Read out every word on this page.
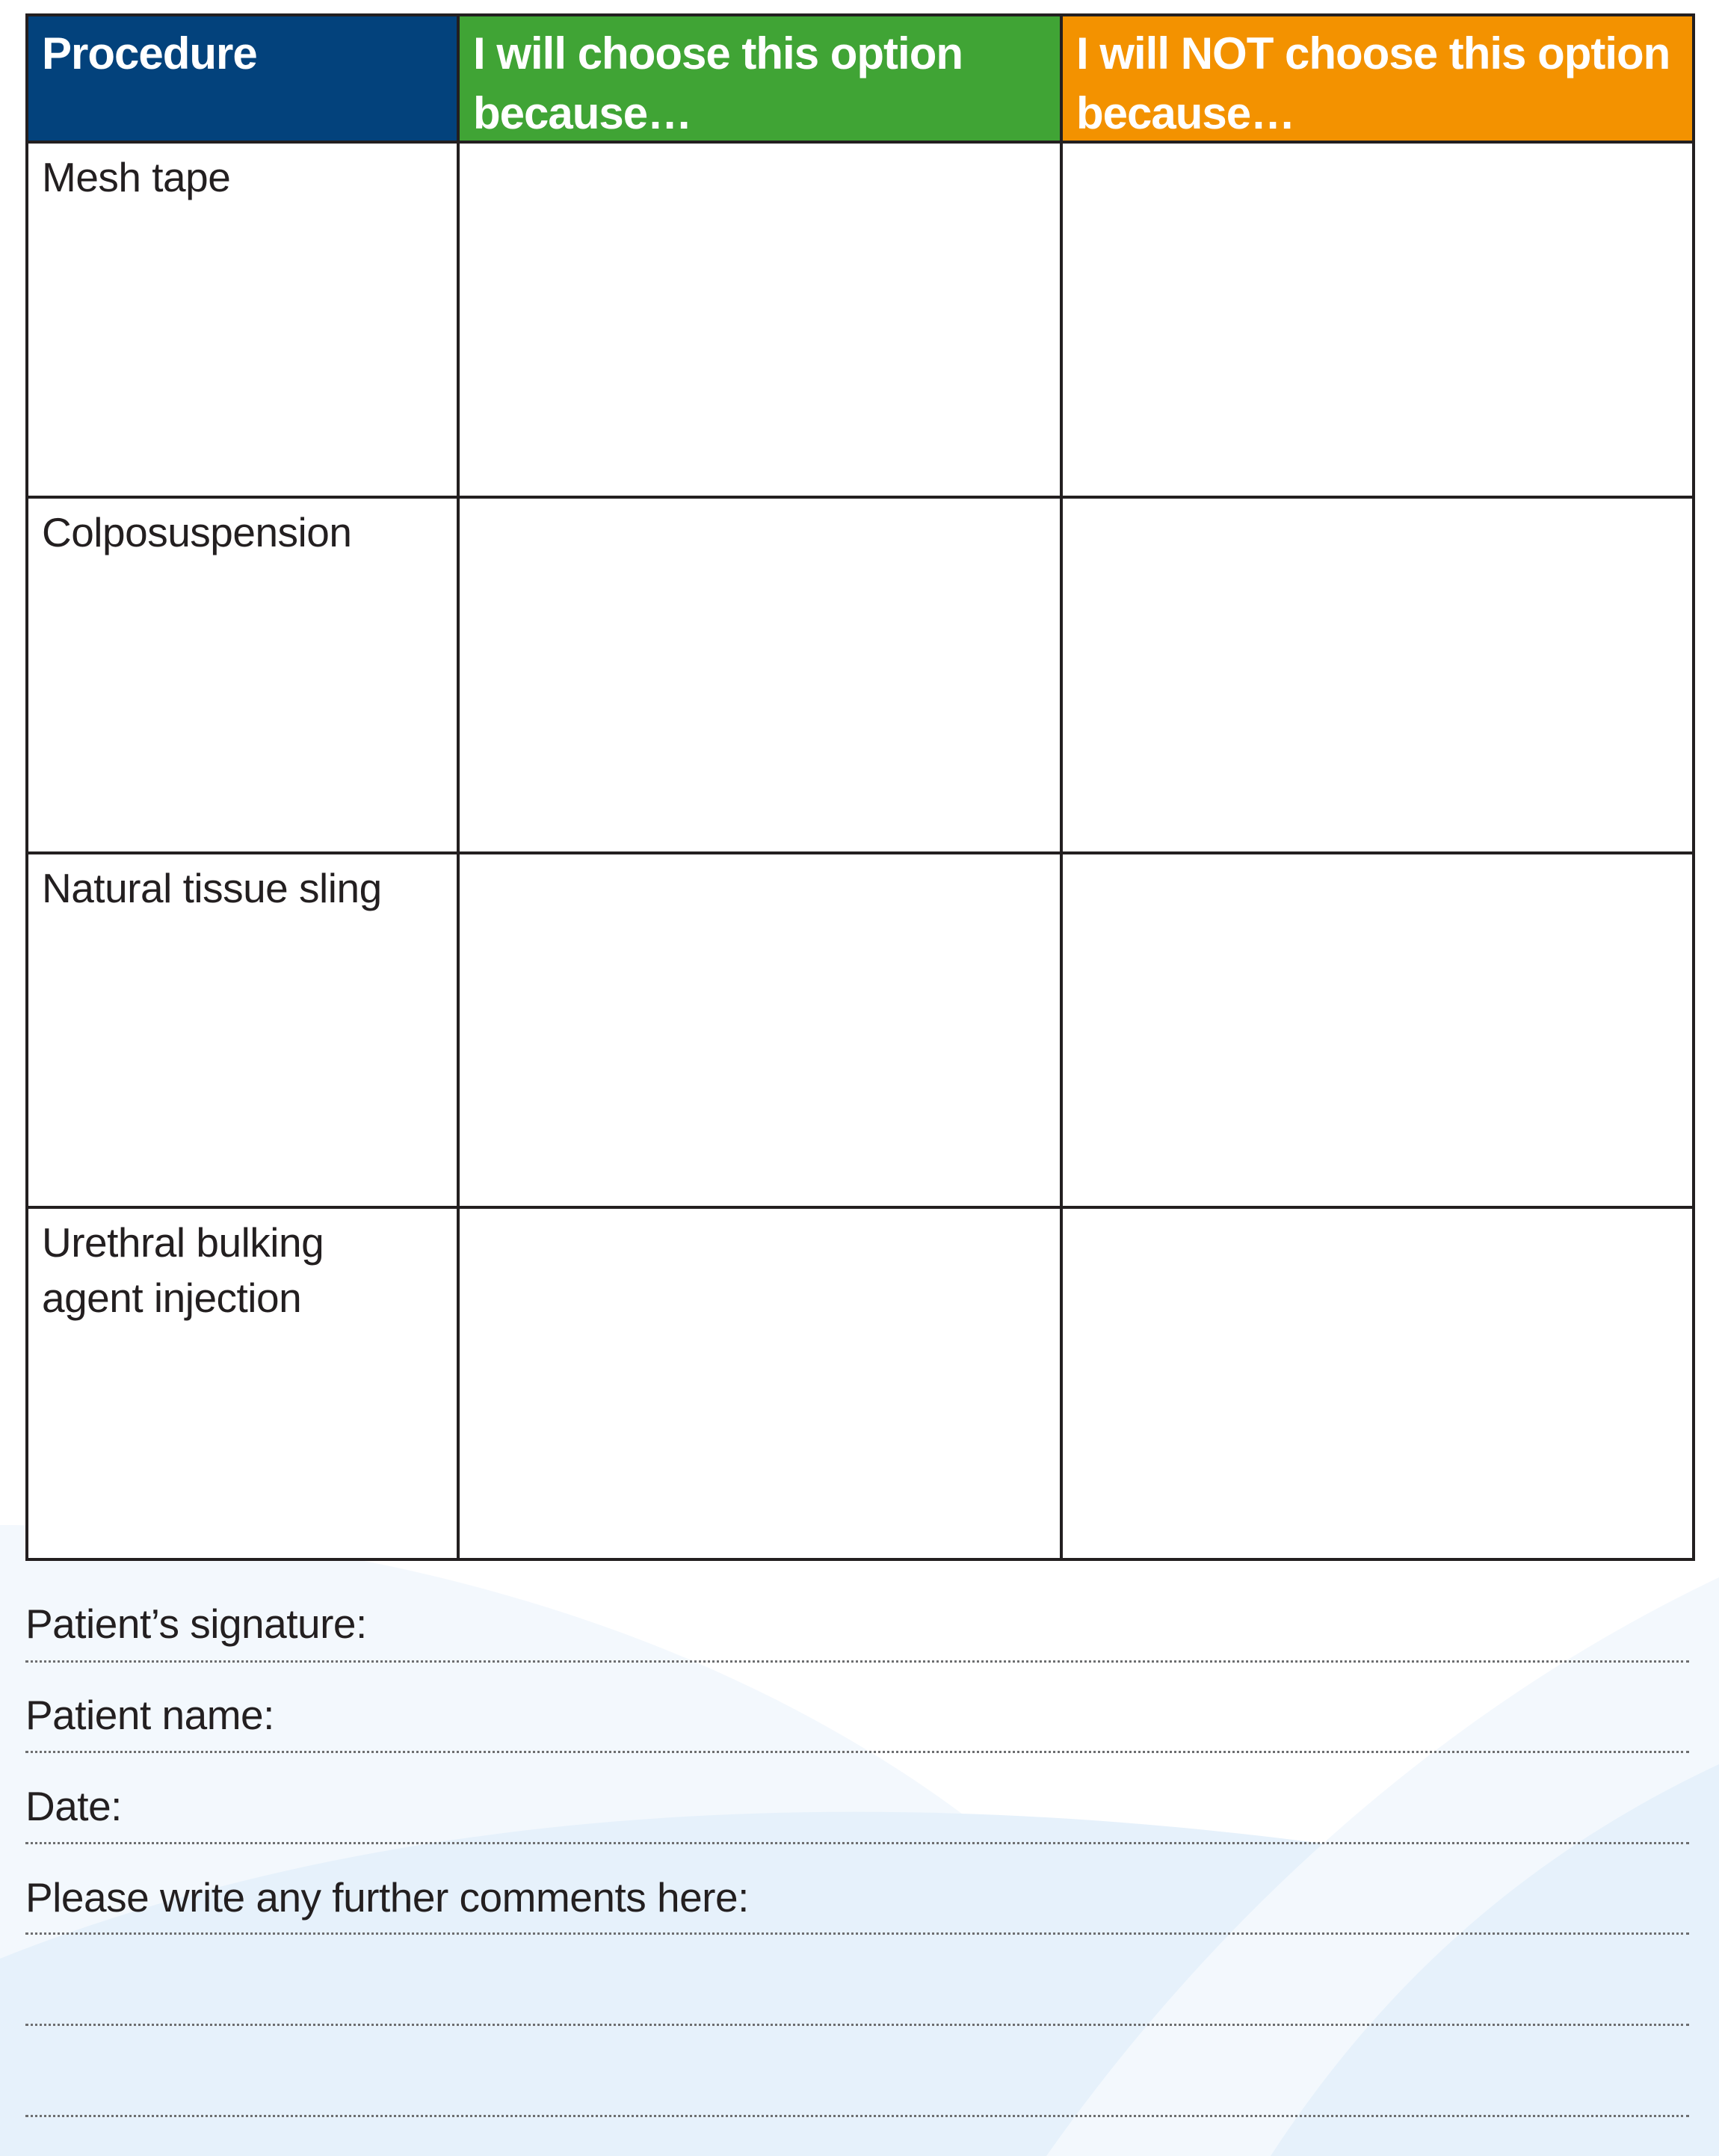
Procedure	I will choose this option because…
I will NOT choose this option because…
Mesh tape
Colposuspension
Natural tissue sling
Urethral bulking agent injection
Patient’s signature:
Patient name:
Date:
Please write any further comments here:
